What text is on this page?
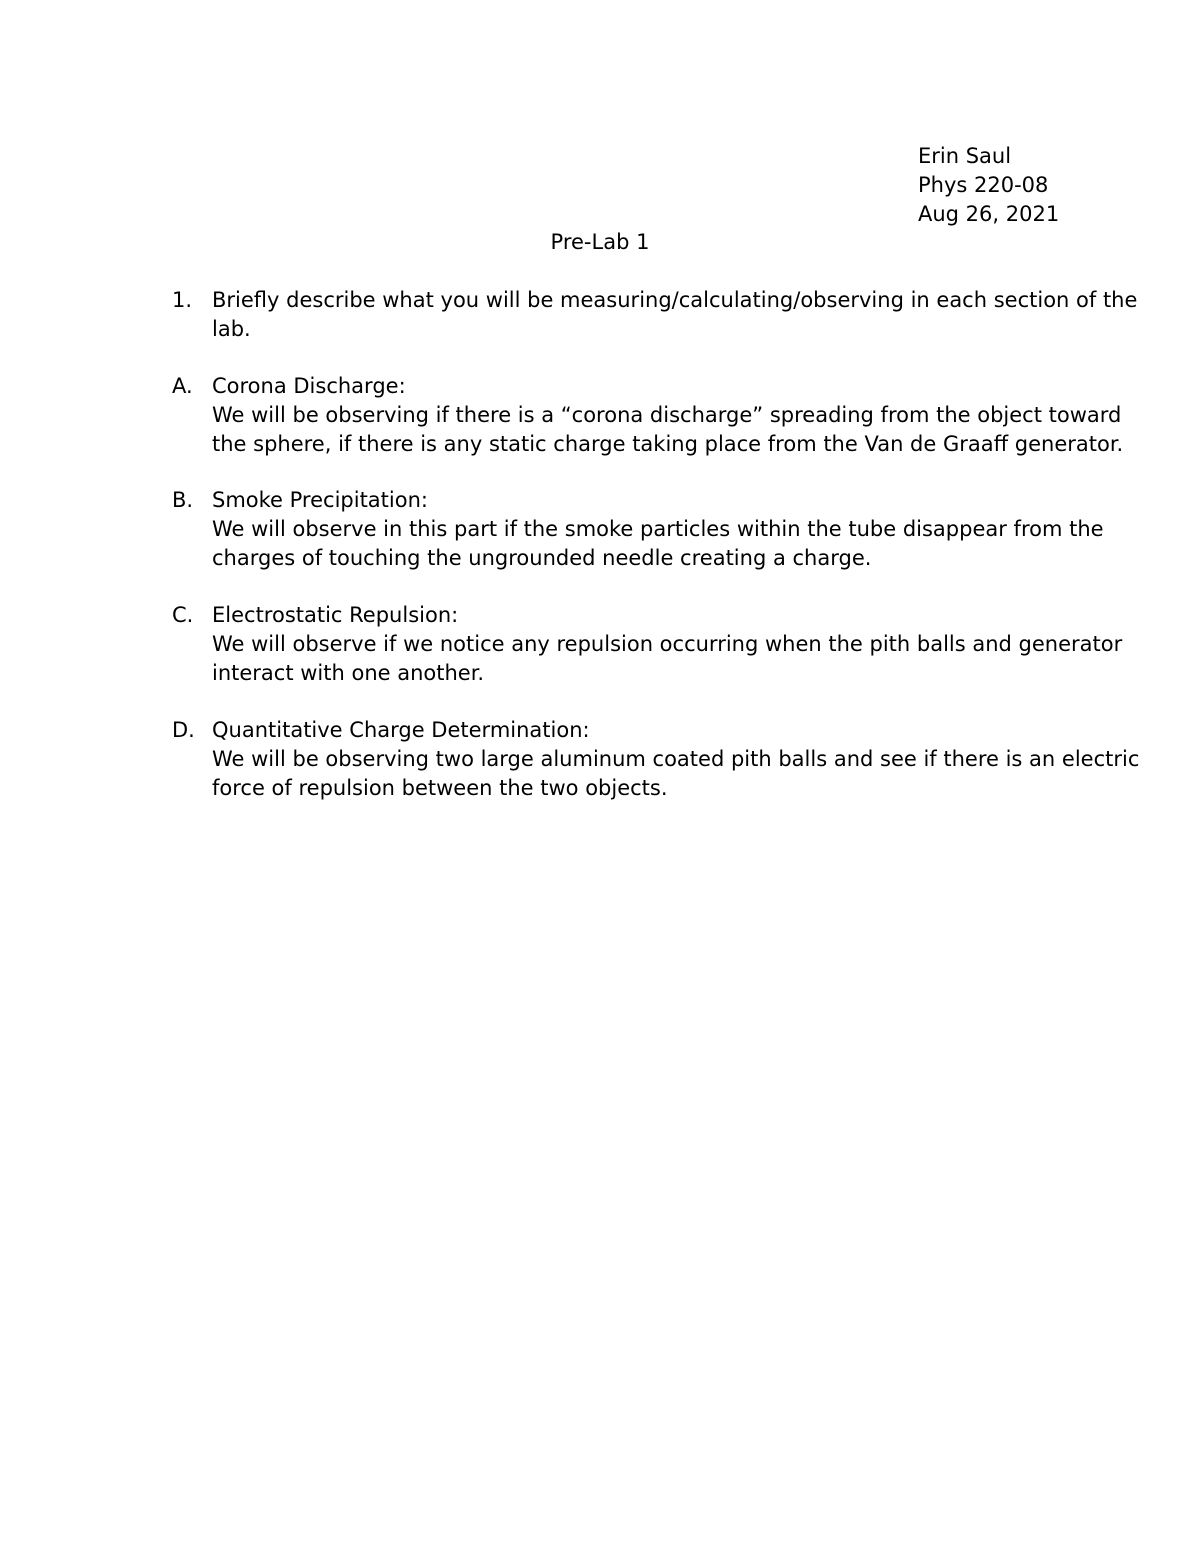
Erin Saul
Phys 220-08
Aug 26, 2021
Pre-Lab 1
1. Briefly describe what you will be measuring/calculating/observing in each section of the
lab.
A. Corona Discharge:
We will be observing if there is a “corona discharge” spreading from the object toward
the sphere, if there is any static charge taking place from the Van de Graaff generator.
B. Smoke Precipitation:
We will observe in this part if the smoke particles within the tube disappear from the
charges of touching the ungrounded needle creating a charge.
C. Electrostatic Repulsion:
We will observe if we notice any repulsion occurring when the pith balls and generator
interact with one another.
D. Quantitative Charge Determination:
We will be observing two large aluminum coated pith balls and see if there is an electric
force of repulsion between the two objects.
